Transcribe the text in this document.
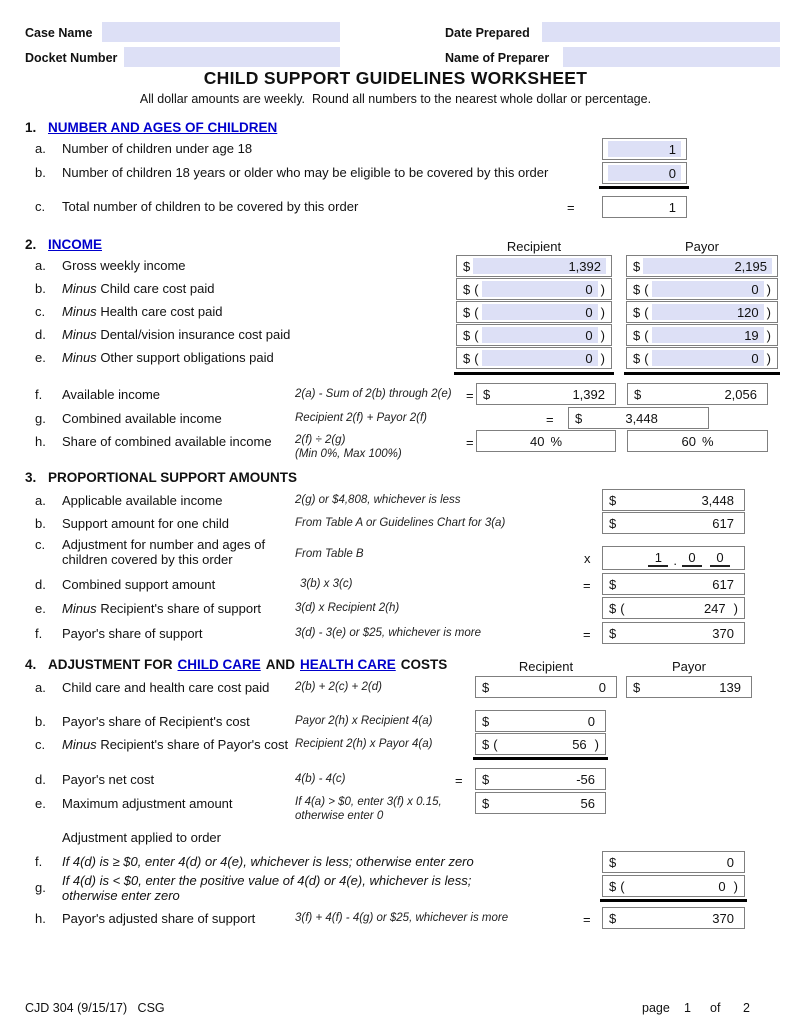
Case Name	Date Prepared
Docket Number	Name of Preparer
CHILD SUPPORT GUIDELINES WORKSHEET
All dollar amounts are weekly.  Round all numbers to the nearest whole dollar or percentage.
1. NUMBER AND AGES OF CHILDREN
a. Number of children under age 18	1
b. Number of children 18 years or older who may be eligible to be covered by this order	0
c. Total number of children to be covered by this order	=	1
2. INCOME	Recipient	Payor
a. Gross weekly income	$	1,392	$	2,195
b. Minus Child care cost paid	$ (	0 ) $ (	0 )
c. Minus Health care cost paid	$ (	0 ) $ (	120 )
d. Minus Dental/vision insurance cost paid	$ (	0 ) $ (	19 )
e. Minus Other support obligations paid	$ (	0 ) $ (	0 )
f. Available income	2(a) - Sum of 2(b) through 2(e) = $	1,392	$	2,056
g. Combined available income	Recipient 2(f) + Payor 2(f)	= $	3,448
h. Share of combined available income 2(f) ÷ 2(g)
(Min 0%, Max 100%)
=	40 %	60 %
3. PROPORTIONAL SUPPORT AMOUNTS
a. Applicable available income	2(g) or $4,808, whichever is less	$	3,448
b. Support amount for one child	From Table A or Guidelines Chart for 3(a)	$	617
c. Adjustment for number and ages of
children covered by this order	From Table B	x	1 . 0	0
d. Combined support amount	3(b) x 3(c)	= $	617
e. Minus Recipient's share of support	3(d) x Recipient 2(h)	$ (	247 )
f. Payor's share of support	3(d) - 3(e) or $25, whichever is more	= $	370
4. ADJUSTMENT FOR CHILD CARE AND HEALTH CARE COSTS	Recipient	Payor
a. Child care and health care cost paid 2(b) + 2(c) + 2(d)	$	0	$	139
b. Payor's share of Recipient's cost	Payor 2(h) x Recipient 4(a)	$	0
c. Minus Recipient's share of Payor's cost Recipient 2(h) x Payor 4(a)	$ (	56 )
d. Payor's net cost	4(b) - 4(c)	= $	-56
e. Maximum adjustment amount	If 4(a) > $0, enter 3(f) x 0.15,
otherwise enter 0
$	56
Adjustment applied to order
f. If 4(d) is ≥ $0, enter 4(d) or 4(e), whichever is less; otherwise enter zero	$	0
g. If 4(d) is < $0, enter the positive value of 4(d) or 4(e), whichever is less;
otherwise enter zero
$ (	0 )
h. Payor's adjusted share of support	3(f) + 4(f) - 4(g) or $25, whichever is more	= $	370
CJD 304 (9/15/17)   CSG	page 1 of 2
